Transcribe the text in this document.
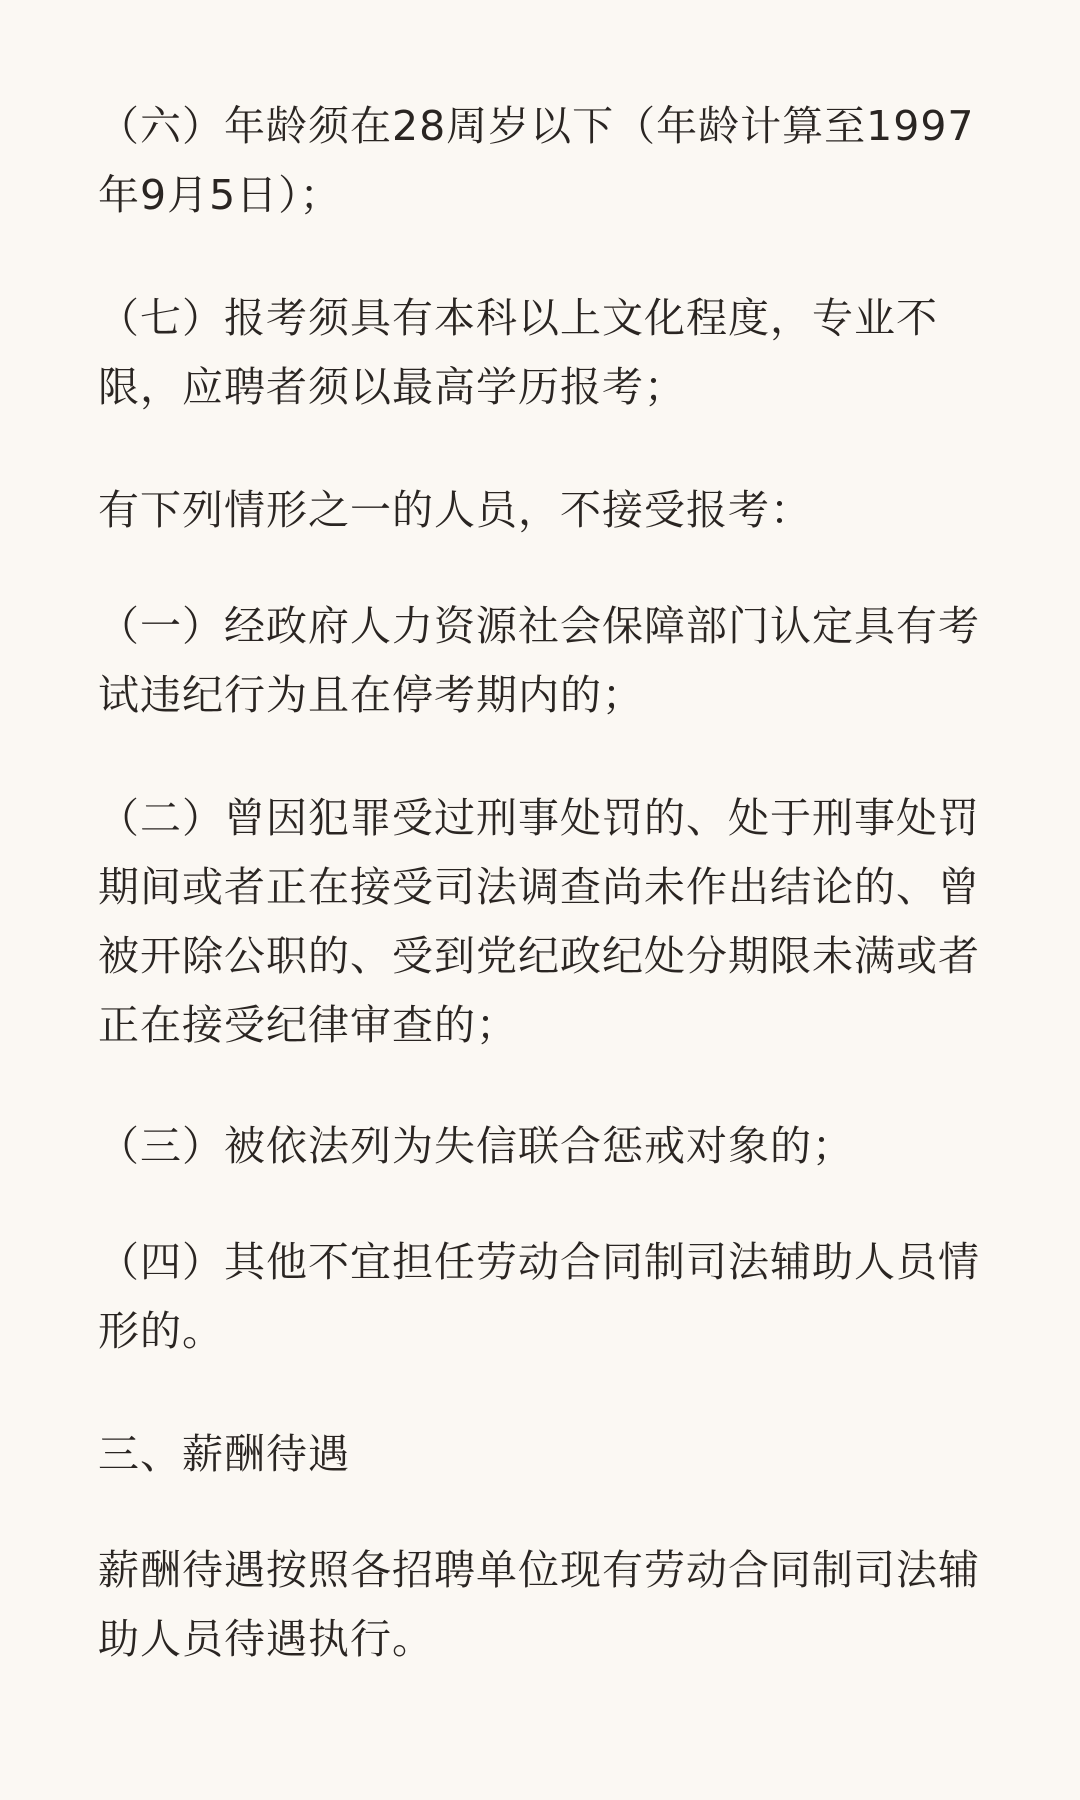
（六）年龄须在28周岁以下（年龄计算至1997年9月5日）；

（七）报考须具有本科以上文化程度，专业不限，应聘者须以最高学历报考；

有下列情形之一的人员，不接受报考：

（一）经政府人力资源社会保障部门认定具有考试违纪行为且在停考期内的；

（二）曾因犯罪受过刑事处罚的、处于刑事处罚期间或者正在接受司法调查尚未作出结论的、曾被开除公职的、受到党纪政纪处分期限未满或者正在接受纪律审查的；

（三）被依法列为失信联合惩戒对象的；

（四）其他不宜担任劳动合同制司法辅助人员情形的。

三、薪酬待遇

薪酬待遇按照各招聘单位现有劳动合同制司法辅助人员待遇执行。
